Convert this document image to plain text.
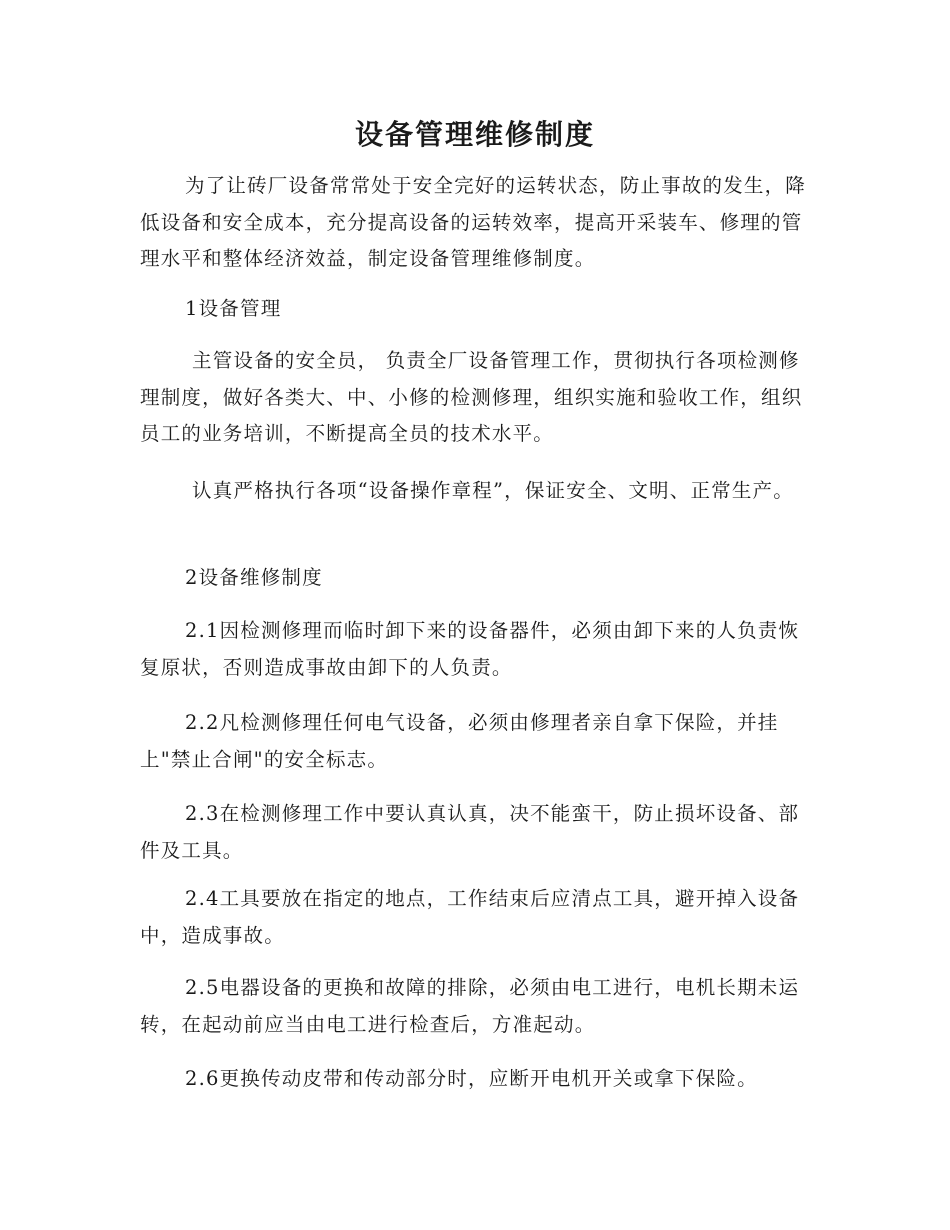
设备管理维修制度

为了让砖厂设备常常处于安全完好的运转状态，防止事故的发生，降低设备和安全成本，充分提高设备的运转效率，提高开采装车、修理的管理水平和整体经济效益，制定设备管理维修制度。

1设备管理

主管设备的安全员， 负责全厂设备管理工作，贯彻执行各项检测修理制度，做好各类大、中、小修的检测修理，组织实施和验收工作，组织员工的业务培训，不断提高全员的技术水平。

认真严格执行各项“设备操作章程”，保证安全、文明、正常生产。

2设备维修制度

2.1因检测修理而临时卸下来的设备器件，必须由卸下来的人负责恢复原状，否则造成事故由卸下的人负责。

2.2凡检测修理任何电气设备，必须由修理者亲自拿下保险，并挂上"禁止合闸"的安全标志。

2.3在检测修理工作中要认真认真，决不能蛮干，防止损坏设备、部件及工具。

2.4工具要放在指定的地点，工作结束后应清点工具，避开掉入设备中，造成事故。

2.5电器设备的更换和故障的排除，必须由电工进行，电机长期未运转，在起动前应当由电工进行检查后，方准起动。

2.6更换传动皮带和传动部分时，应断开电机开关或拿下保险。
